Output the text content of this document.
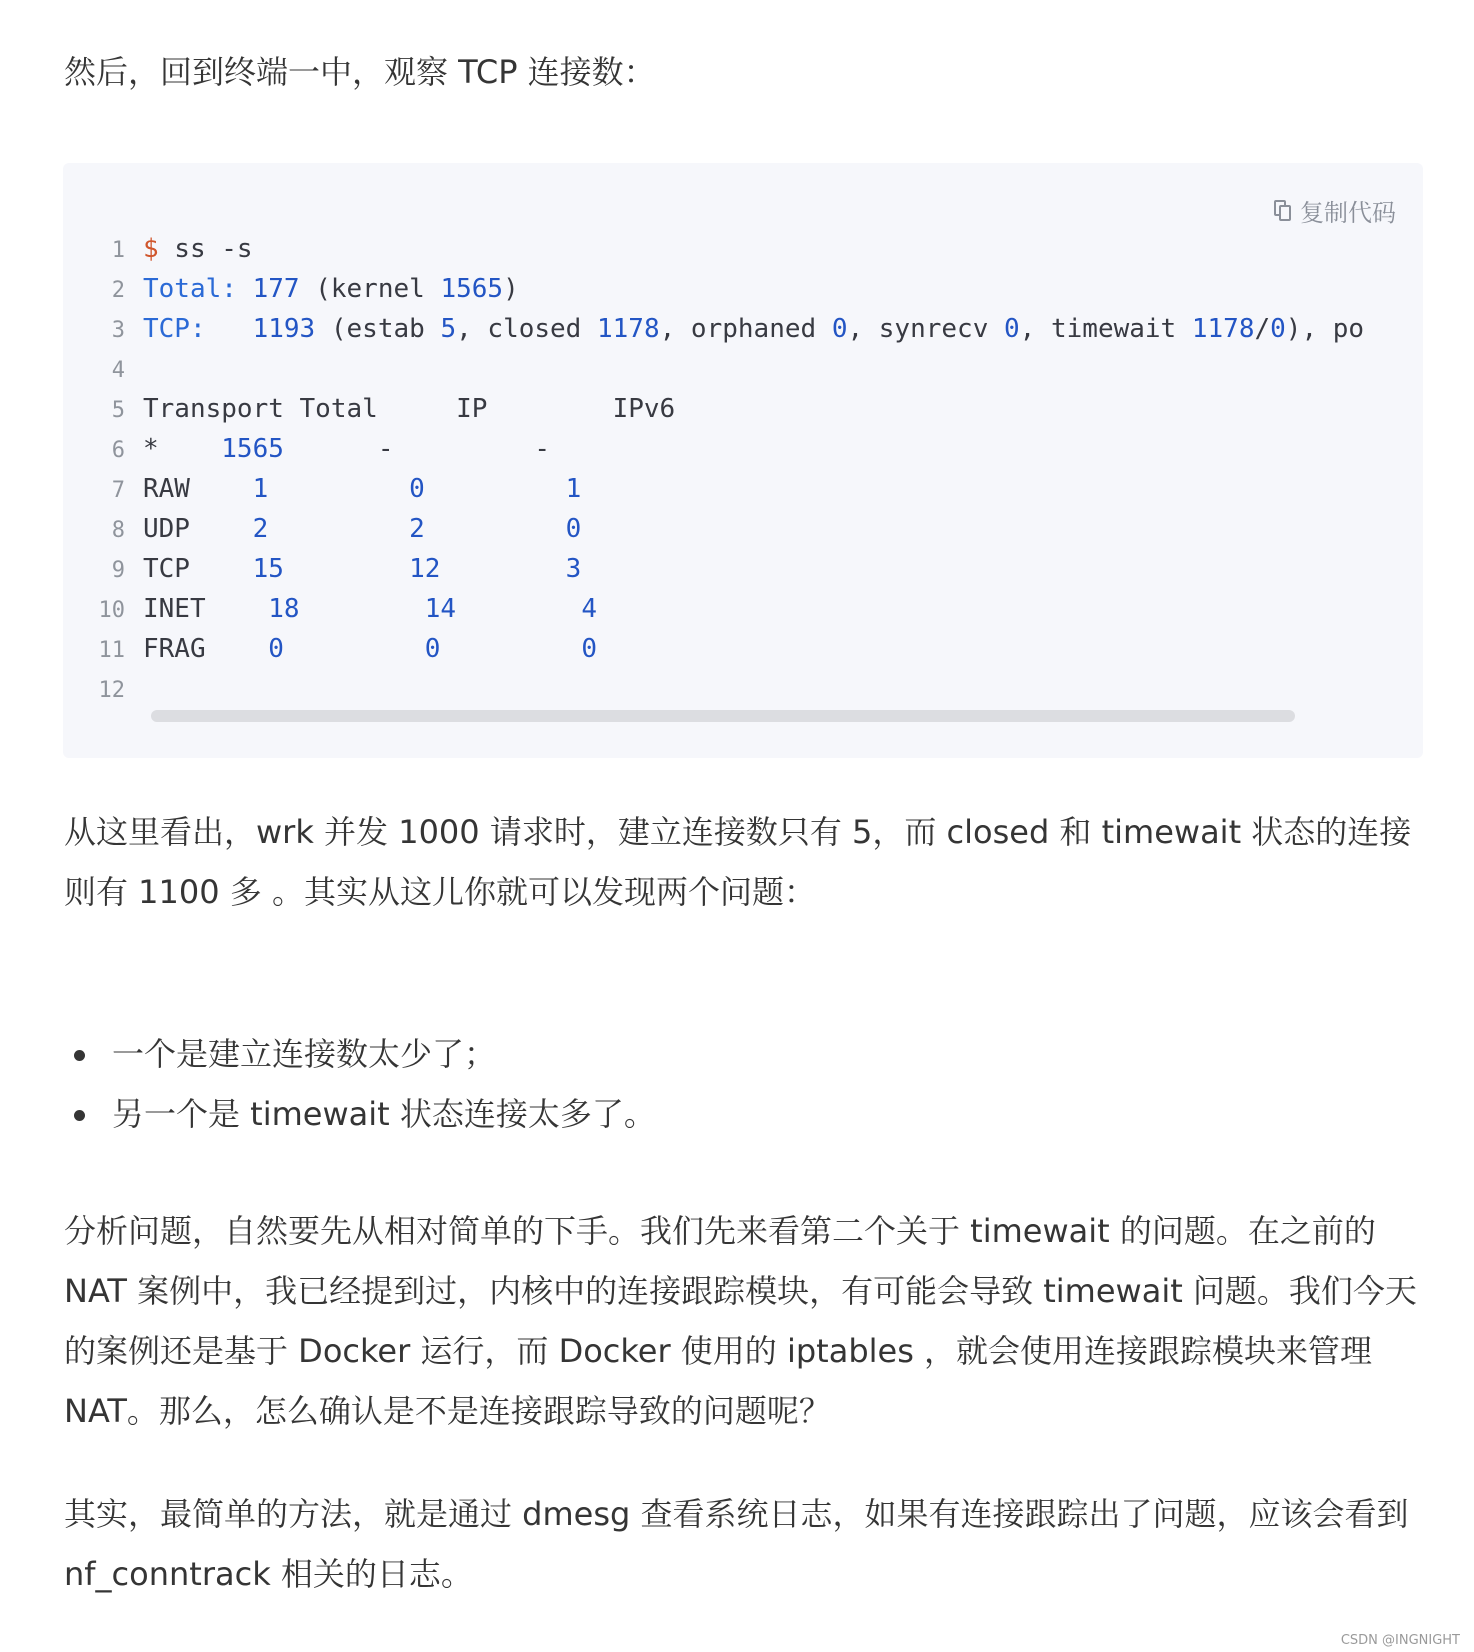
然后，回到终端一中，观察 TCP 连接数：

复制代码
1 $ ss -s
2 Total: 177 (kernel 1565)
3 TCP: 1193 (estab 5, closed 1178, orphaned 0, synrecv 0, timewait 1178/0), po
4
5 Transport Total     IP        IPv6
6 *    1565      -         -
7 RAW    1	0	1
8 UDP    2	2	0
9 TCP    15	12	3
10 INET    18	14	4
11 FRAG    0	0	0
12

从这里看出，wrk 并发 1000 请求时，建立连接数只有 5，而 closed 和 timewait 状态的连接则有 1100 多 。其实从这儿你就可以发现两个问题：

一个是建立连接数太少了；
另一个是 timewait 状态连接太多了。

分析问题，自然要先从相对简单的下手。我们先来看第二个关于 timewait 的问题。在之前的 NAT 案例中，我已经提到过，内核中的连接跟踪模块，有可能会导致 timewait 问题。我们今天的案例还是基于 Docker 运行，而 Docker 使用的 iptables ，就会使用连接跟踪模块来管理 NAT。那么，怎么确认是不是连接跟踪导致的问题呢？

其实，最简单的方法，就是通过 dmesg 查看系统日志，如果有连接跟踪出了问题，应该会看到 nf_conntrack 相关的日志。

CSDN @INGNIGHT
